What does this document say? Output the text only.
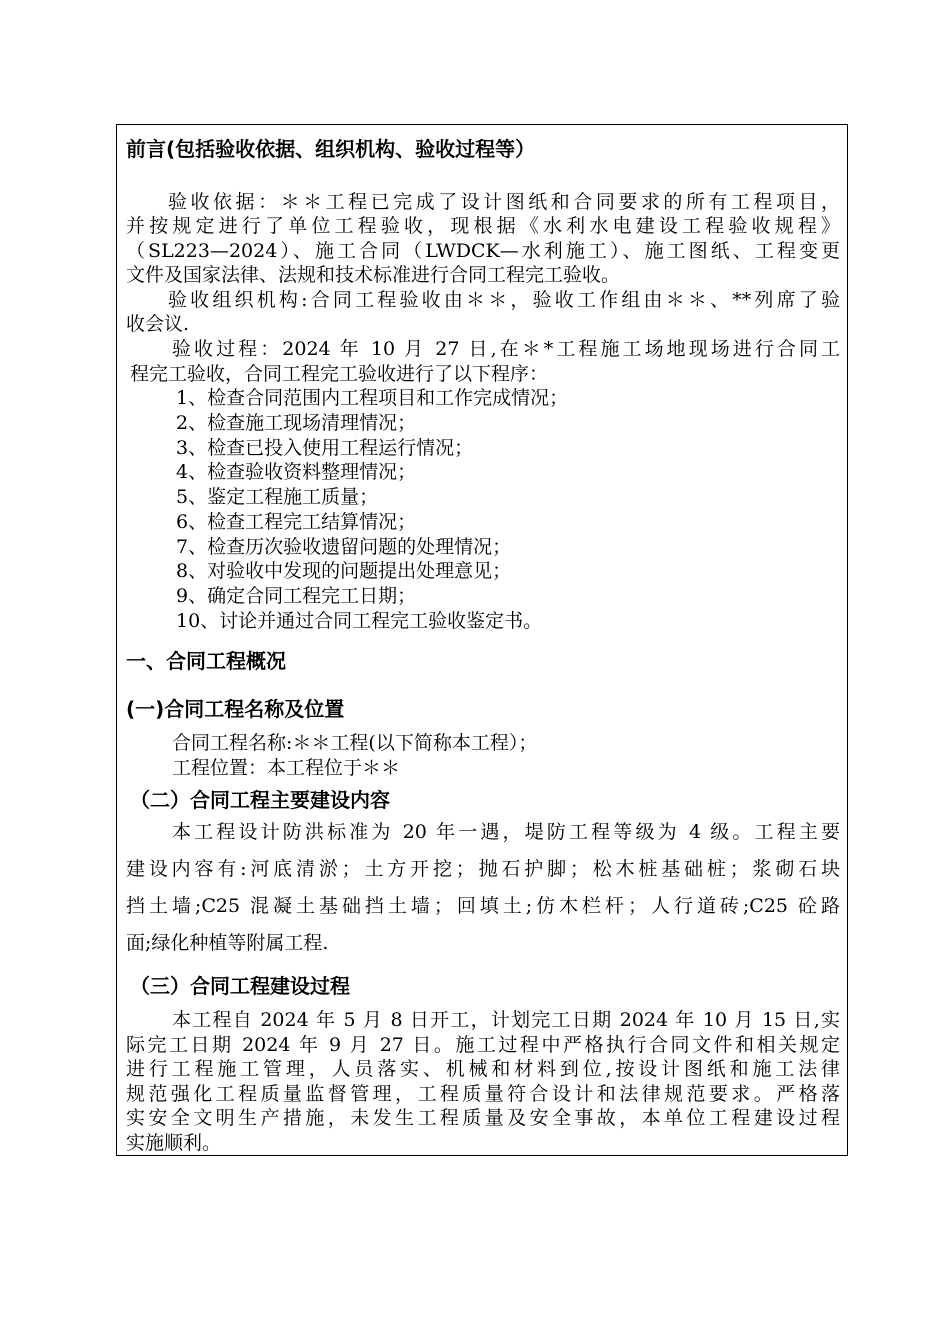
前言(包括验收依据、组织机构、验收过程等）
验收依据：＊＊工程已完成了设计图纸和合同要求的所有工程项目，
并按规定进行了单位工程验收，现根据《水利水电建设工程验收规程》
（SL223—2024）、施工合同（LWDCK—水利施工）、施工图纸、工程变更
文件及国家法律、法规和技术标准进行合同工程完工验收。
验收组织机构:合同工程验收由＊＊，验收工作组由＊＊、**列席了验
收会议.
验收过程：2024 年 10 月 27 日,在＊*工程施工场地现场进行合同工
程完工验收，合同工程完工验收进行了以下程序：
1、检查合同范围内工程项目和工作完成情况；
2、检查施工现场清理情况；
3、检查已投入使用工程运行情况；
4、检查验收资料整理情况；
5、鉴定工程施工质量；
6、检查工程完工结算情况；
7、检查历次验收遗留问题的处理情况；
8、对验收中发现的问题提出处理意见；
9、确定合同工程完工日期；
10、讨论并通过合同工程完工验收鉴定书。
一、合同工程概况
(一)合同工程名称及位置
合同工程名称:＊＊工程(以下简称本工程）；
工程位置：本工程位于＊＊
（二）合同工程主要建设内容
本工程设计防洪标准为 20 年一遇，堤防工程等级为 4 级。工程主要
建设内容有:河底清淤；土方开挖；抛石护脚；松木桩基础桩；浆砌石块
挡土墙;C25 混凝土基础挡土墙；回填土;仿木栏杆；人行道砖;C25 砼路
面;绿化种植等附属工程.
（三）合同工程建设过程
本工程自 2024 年 5 月 8 日开工，计划完工日期 2024 年 10 月 15 日,实
际完工日期 2024 年 9 月 27 日。施工过程中严格执行合同文件和相关规定
进行工程施工管理，人员落实、机械和材料到位,按设计图纸和施工法律
规范强化工程质量监督管理，工程质量符合设计和法律规范要求。严格落
实安全文明生产措施，未发生工程质量及安全事故，本单位工程建设过程
实施顺利。
